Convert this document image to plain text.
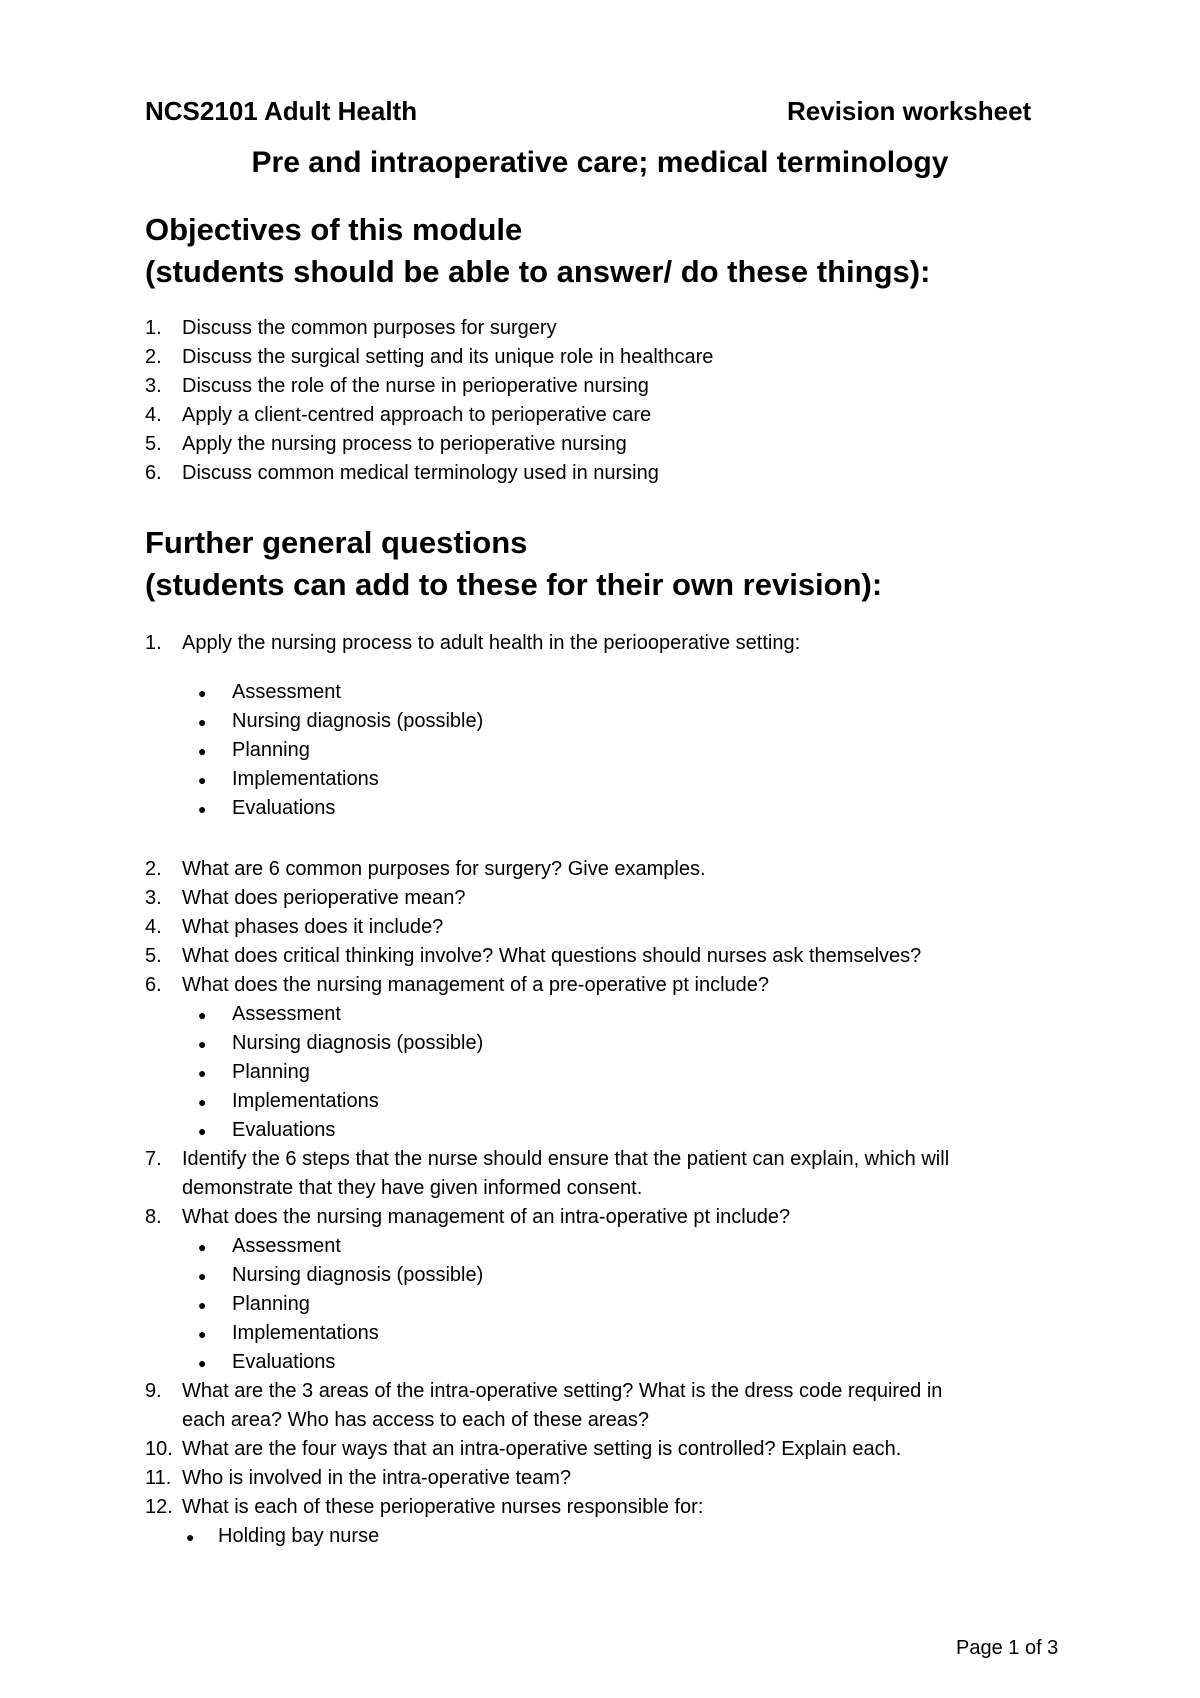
NCS2101 Adult Health	Revision worksheet
Pre and intraoperative care; medical terminology
Objectives of this module
(students should be able to answer/ do these things):
1. Discuss the common purposes for surgery
2. Discuss the surgical setting and its unique role in healthcare
3. Discuss the role of the nurse in perioperative nursing
4. Apply a client-centred approach to perioperative care
5. Apply the nursing process to perioperative nursing
6. Discuss common medical terminology used in nursing
Further general questions
(students can add to these for their own revision):
1. Apply the nursing process to adult health in the periooperative setting:
● Assessment
● Nursing diagnosis (possible)
● Planning
● Implementations
● Evaluations
2. What are 6 common purposes for surgery? Give examples.
3. What does perioperative mean?
4. What phases does it include?
5. What does critical thinking involve? What questions should nurses ask themselves?
6. What does the nursing management of a pre-operative pt include?
● Assessment
● Nursing diagnosis (possible)
● Planning
● Implementations
● Evaluations
7. Identify the 6 steps that the nurse should ensure that the patient can explain, which will
demonstrate that they have given informed consent.
8. What does the nursing management of an intra-operative pt include?
● Assessment
● Nursing diagnosis (possible)
● Planning
● Implementations
● Evaluations
9. What are the 3 areas of the intra-operative setting? What is the dress code required in
each area? Who has access to each of these areas?
10. What are the four ways that an intra-operative setting is controlled? Explain each.
11. Who is involved in the intra-operative team?
12. What is each of these perioperative nurses responsible for:
● Holding bay nurse
Page 1 of 3
